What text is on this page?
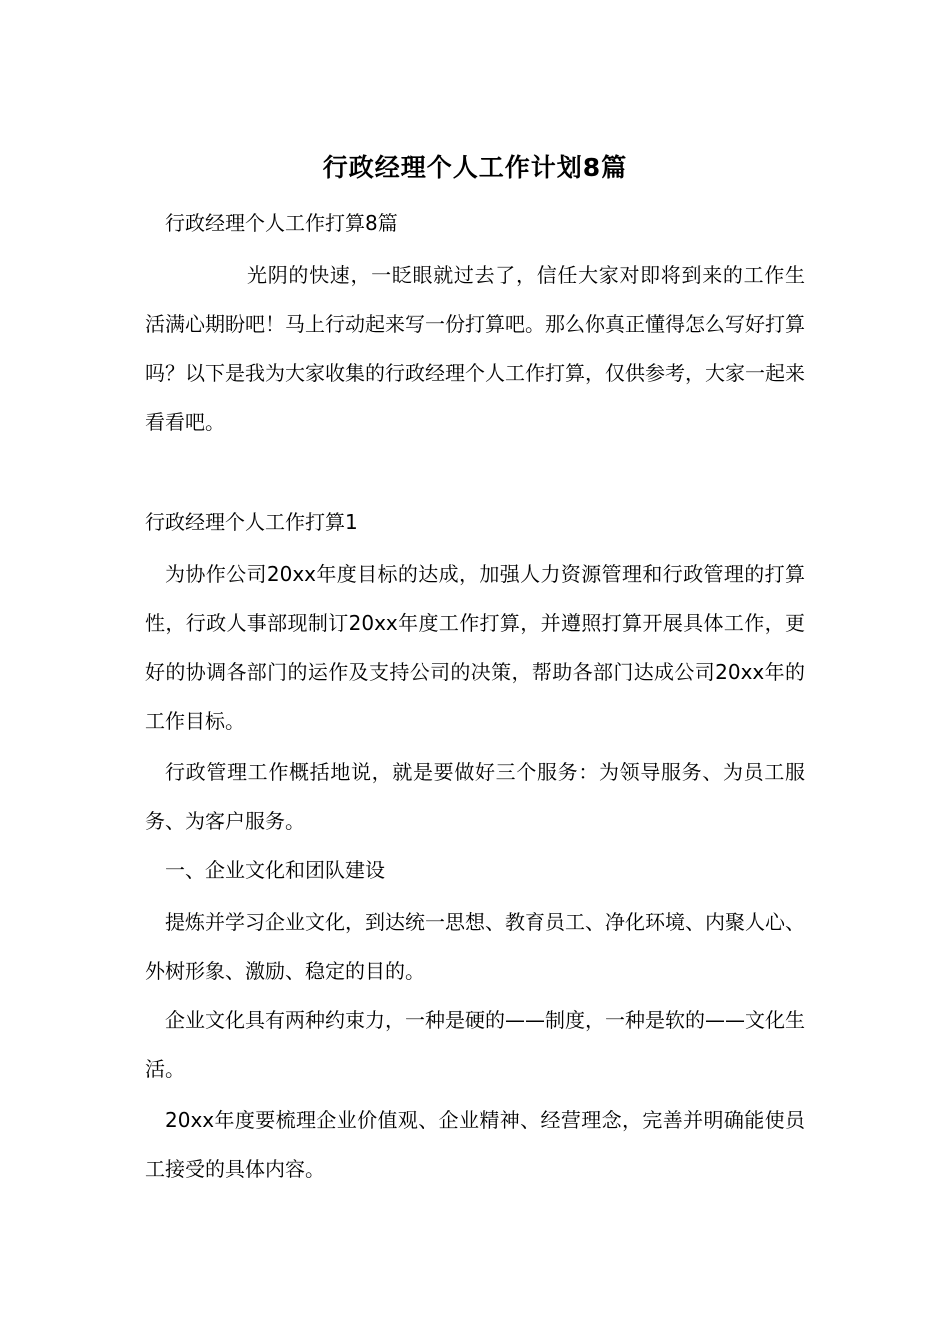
行政经理个人工作计划8篇
行政经理个人工作打算8篇
光阴的快速，一眨眼就过去了，信任大家对即将到来的工作生活满心期盼吧！马上行动起来写一份打算吧。那么你真正懂得怎么写好打算吗？以下是我为大家收集的行政经理个人工作打算，仅供参考，大家一起来看看吧。
行政经理个人工作打算1
为协作公司20xx年度目标的达成，加强人力资源管理和行政管理的打算性，行政人事部现制订20xx年度工作打算，并遵照打算开展具体工作，更好的协调各部门的运作及支持公司的决策，帮助各部门达成公司20xx年的工作目标。
行政管理工作概括地说，就是要做好三个服务：为领导服务、为员工服务、为客户服务。
一、企业文化和团队建设
提炼并学习企业文化，到达统一思想、教育员工、净化环境、内聚人心、外树形象、激励、稳定的目的。
企业文化具有两种约束力，一种是硬的——制度，一种是软的——文化生活。
20xx年度要梳理企业价值观、企业精神、经营理念，完善并明确能使员工接受的具体内容。
